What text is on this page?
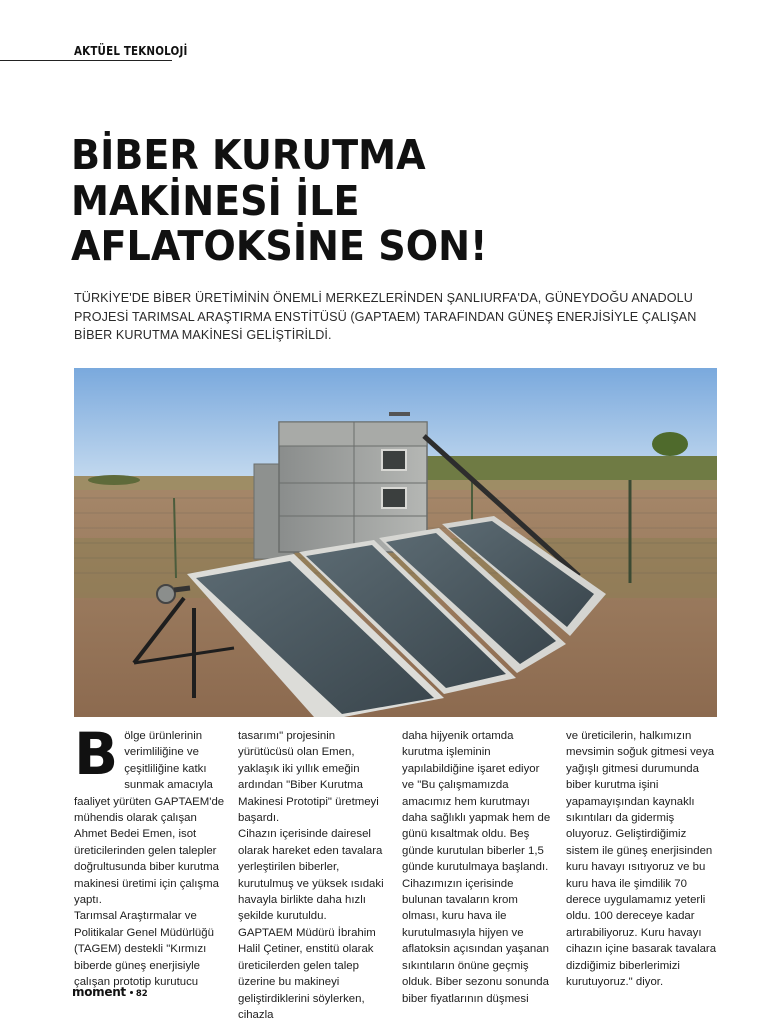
AKTÜEL TEKNOLOJİ
BİBER KURUTMA
MAKİNESİ İLE
AFLATOKSİNE SON!

TÜRKİYE'DE BİBER ÜRETİMİNİN ÖNEMLİ MERKEZLERİNDEN ŞANLIURFA'DA, GÜNEYDOĞU ANADOLU PROJESİ TARIMSAL ARAŞTIRMA ENSTİTÜSÜ (GAPTAEM) TARAFINDAN GÜNEŞ ENERJİSİYLE ÇALIŞAN BİBER KURUTMA MAKİNESİ GELİŞTİRİLDİ.

B ölge ürünlerinin verimliliğine ve çeşitliliğine katkı sunmak amacıyla

faaliyet yürüten GAPTAEM'de mühendis olarak çalışan Ahmet Bedei Emen, isot üreticilerinden gelen talepler doğrultusunda biber kurutma makinesi üretimi için çalışma yaptı.

Tarımsal Araştırmalar ve Politikalar Genel Müdürlüğü (TAGEM) destekli "Kırmızı biberde güneş enerjisiyle çalışan prototip kurutucu

tasarımı" projesinin yürütücüsü olan Emen, yaklaşık iki yıllık emeğin ardından "Biber Kurutma Makinesi Prototipi" üretmeyi başardı.

Cihazın içerisinde dairesel olarak hareket eden tavalara yerleştirilen biberler, kurutulmuş ve yüksek ısıdaki havayla birlikte daha hızlı şekilde kurutuldu.

GAPTAEM Müdürü İbrahim Halil Çetiner, enstitü olarak üreticilerden gelen talep üzerine bu makineyi geliştirdiklerini söylerken, cihazla

daha hijyenik ortamda kurutma işleminin yapılabildiğine işaret ediyor ve "Bu çalışmamızda amacımız hem kurutmayı daha sağlıklı yapmak hem de günü kısaltmak oldu. Beş günde kurutulan biberler 1,5 günde kurutulmaya başlandı. Cihazımızın içerisinde bulunan tavaların krom olması, kuru hava ile kurutulmasıyla hijyen ve aflatoksin açısından yaşanan sıkıntıların önüne geçmiş olduk. Biber sezonu sonunda biber fiyatlarının düşmesi

ve üreticilerin, halkımızın mevsimin soğuk gitmesi veya yağışlı gitmesi durumunda biber kurutma işini yapamayışından kaynaklı sıkıntıları da gidermiş oluyoruz. Geliştirdiğimiz sistem ile güneş enerjisinden kuru havayı ısıtıyoruz ve bu kuru hava ile şimdilik 70 derece uygulamamız yeterli oldu. 100 dereceye kadar artırabiliyoruz. Kuru havayı cihazın içine basarak tavalara dizdiğimiz biberlerimizi kurutuyoruz." diyor.

moment 82
